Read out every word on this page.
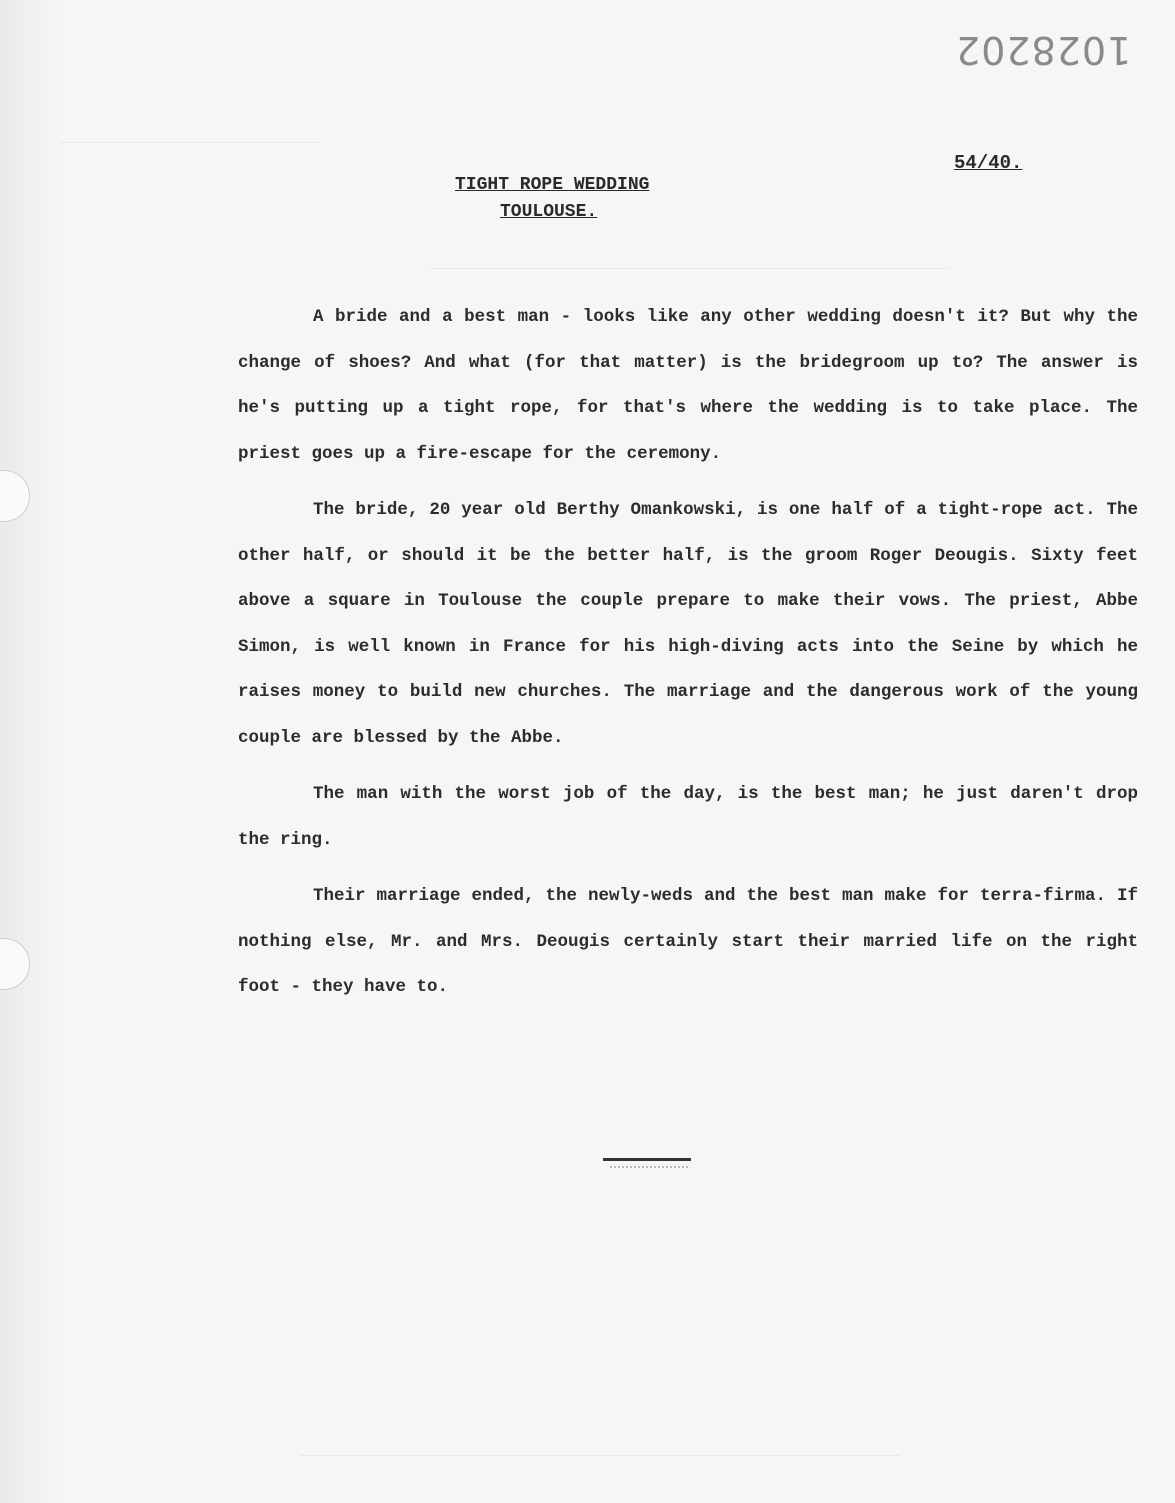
1028202
54/40.
TIGHT ROPE WEDDING
TOULOUSE.

A bride and a best man - looks like any other wedding doesn't it? But why the change of shoes? And what (for that matter) is the bridegroom up to? The answer is he's putting up a tight rope, for that's where the wedding is to take place. The priest goes up a fire-escape for the ceremony.

The bride, 20 year old Berthy Omankowski, is one half of a tight-rope act. The other half, or should it be the better half, is the groom Roger Deougis. Sixty feet above a square in Toulouse the couple prepare to make their vows. The priest, Abbe Simon, is well known in France for his high-diving acts into the Seine by which he raises money to build new churches. The marriage and the dangerous work of the young couple are blessed by the Abbe.

The man with the worst job of the day, is the best man; he just daren't drop the ring.

Their marriage ended, the newly-weds and the best man make for terra-firma. If nothing else, Mr. and Mrs. Deougis certainly start their married life on the right foot - they have to.
